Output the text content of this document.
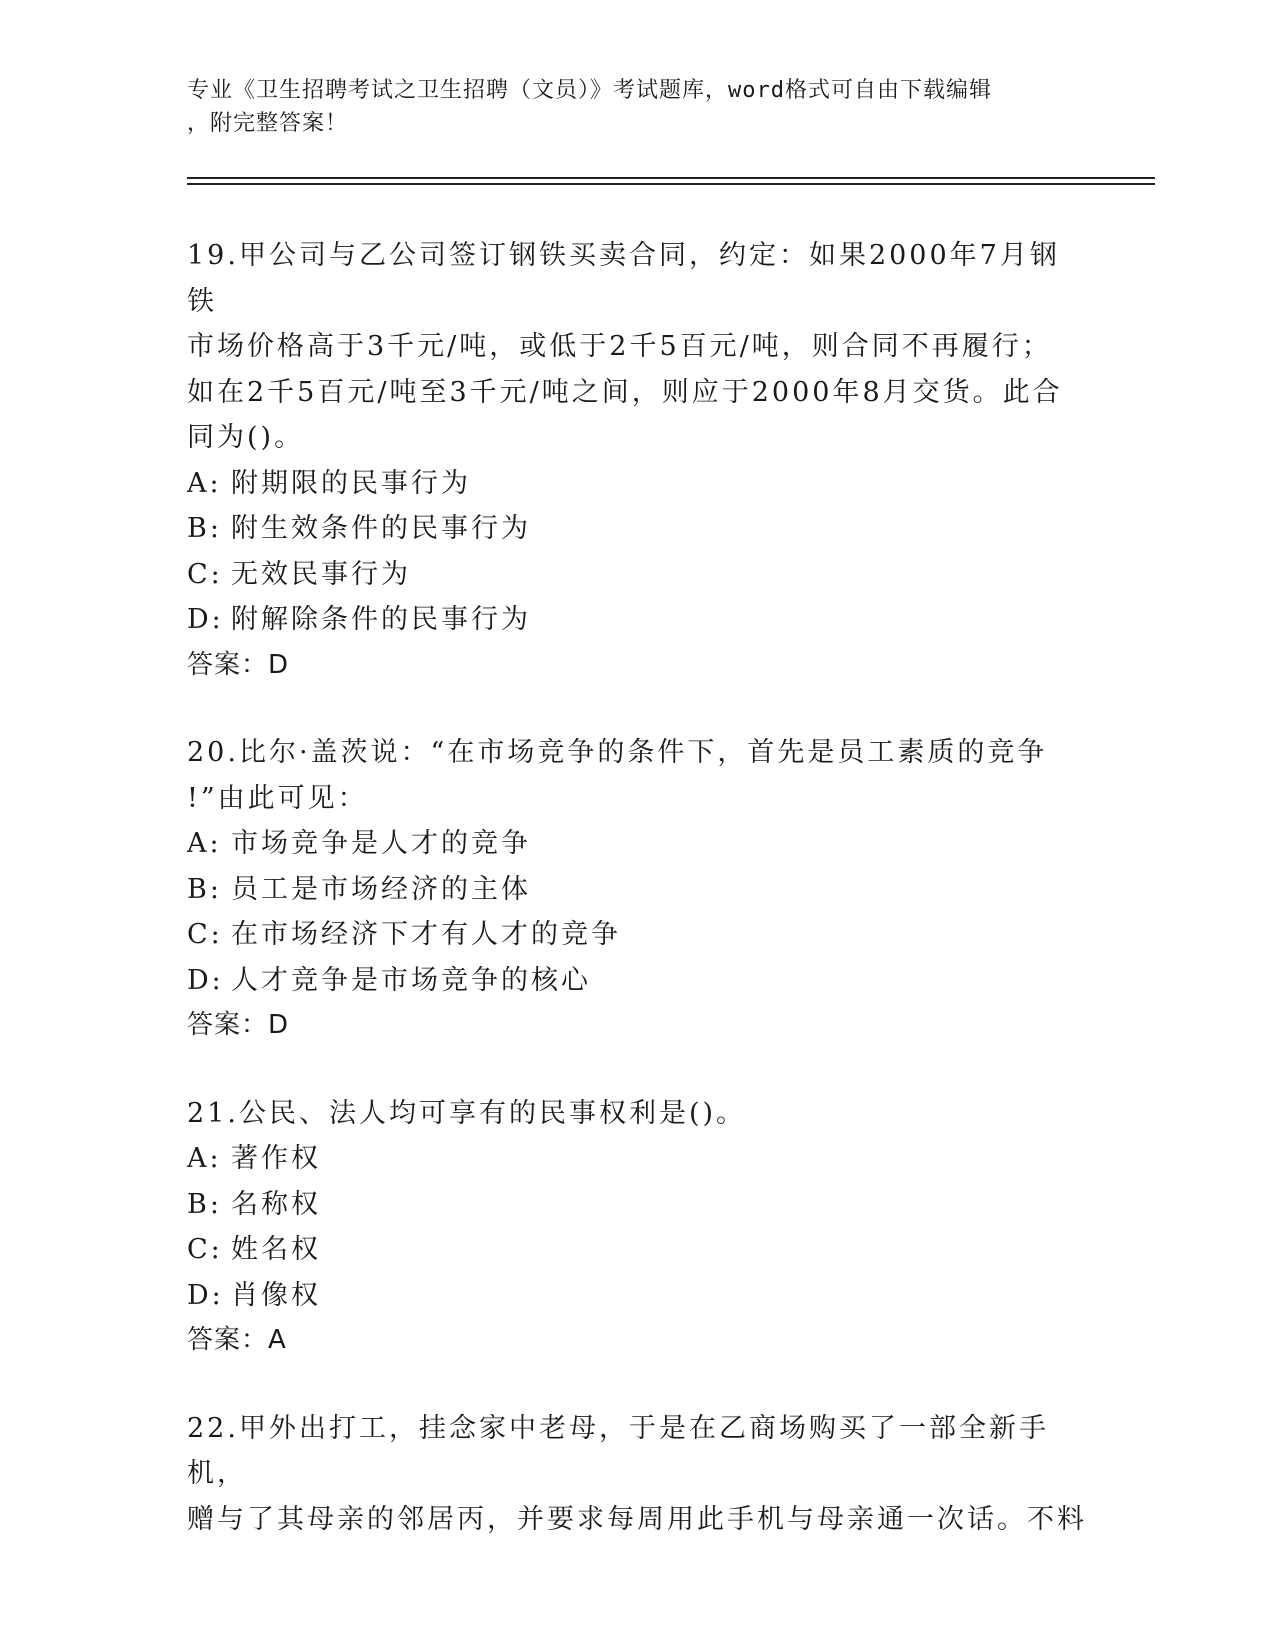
专业《卫生招聘考试之卫生招聘（文员）》考试题库，word格式可自由下载编辑

，附完整答案！

19.甲公司与乙公司签订钢铁买卖合同，约定：如果2000年7月钢铁

市场价格高于3千元/吨，或低于2千5百元/吨，则合同不再履行；

如在2千5百元/吨至3千元/吨之间，则应于2000年8月交货。此合

同为()。

A: 附期限的民事行为
B: 附生效条件的民事行为
C: 无效民事行为
D: 附解除条件的民事行为
答案：D

20.比尔·盖茨说：“在市场竞争的条件下，首先是员工素质的竞争

!”由此可见：

A: 市场竞争是人才的竞争
B: 员工是市场经济的主体
C: 在市场经济下才有人才的竞争
D: 人才竞争是市场竞争的核心
答案：D

21.公民、法人均可享有的民事权利是()。

A: 著作权
B: 名称权
C: 姓名权
D: 肖像权
答案：A

22.甲外出打工，挂念家中老母，于是在乙商场购买了一部全新手机，

赠与了其母亲的邻居丙，并要求每周用此手机与母亲通一次话。不料
